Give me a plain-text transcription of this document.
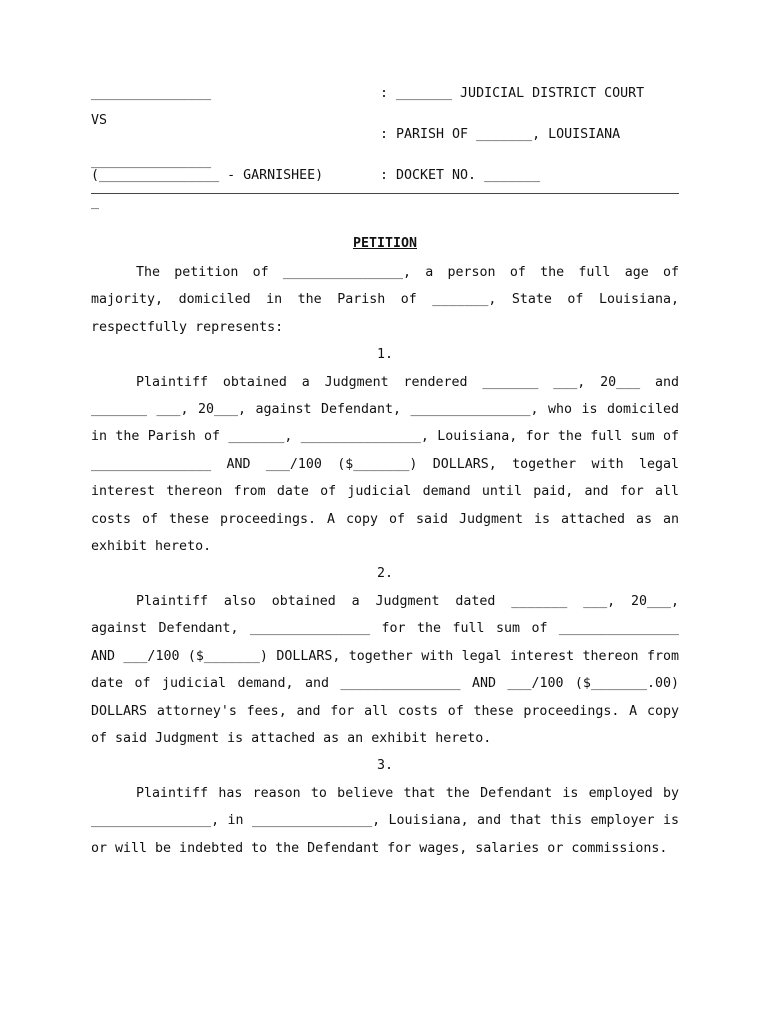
_______________	: _______ JUDICIAL DISTRICT COURT
VS
: PARISH OF _______, LOUISIANA
_______________
(_______________ - GARNISHEE)	: DOCKET NO. _______
_
PETITION

The petition of _______________, a person of the full age of majority, domiciled in the Parish of _______, State of Louisiana, respectfully represents:

1.

Plaintiff obtained a Judgment rendered _______ ___, 20___ and _______ ___, 20___, against Defendant, _______________, who is domiciled in the Parish of _______, _______________, Louisiana, for the full sum of _______________ AND ___/100 ($_______) DOLLARS, together with legal interest thereon from date of judicial demand until paid, and for all costs of these proceedings. A copy of said Judgment is attached as an exhibit hereto.

2.

Plaintiff also obtained a Judgment dated _______ ___, 20___, against Defendant, _______________ for the full sum of _______________ AND ___/100 ($_______) DOLLARS, together with legal interest thereon from date of judicial demand, and _______________ AND ___/100 ($_______.00) DOLLARS attorney's fees, and for all costs of these proceedings. A copy of said Judgment is attached as an exhibit hereto.

3.

Plaintiff has reason to believe that the Defendant is employed by _______________, in _______________, Louisiana, and that this employer is or will be indebted to the Defendant for wages, salaries or commissions.
